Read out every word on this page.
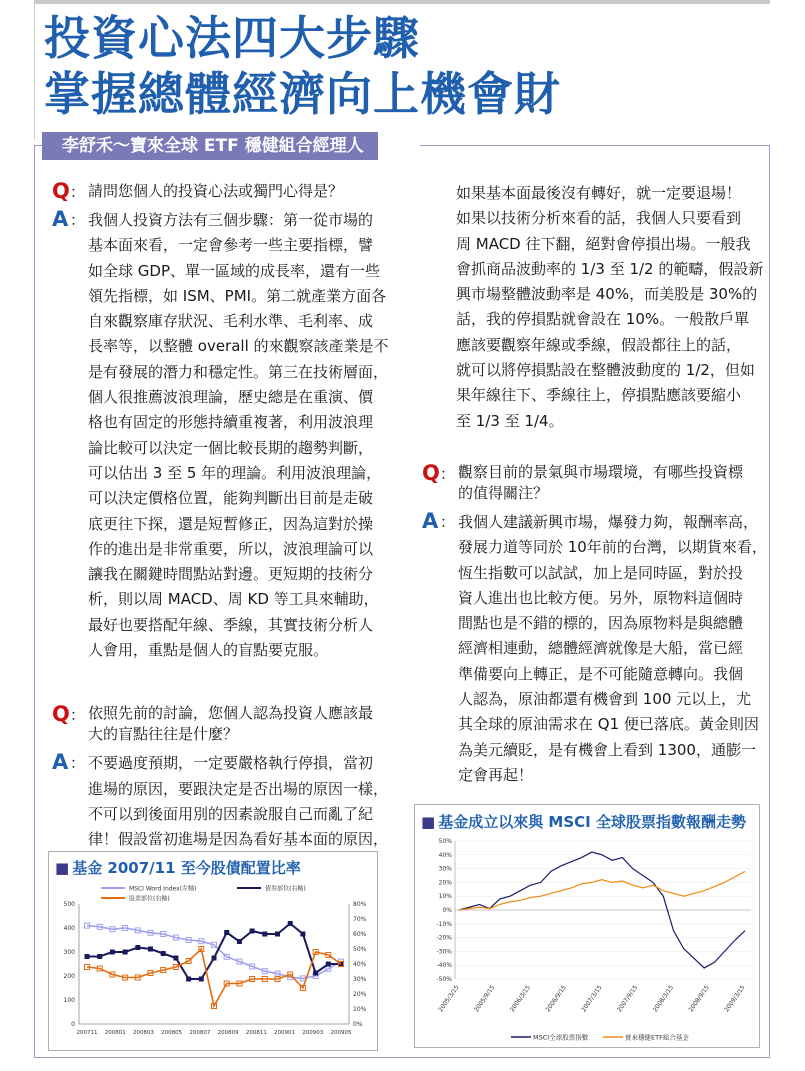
投資心法四大步驟
掌握總體經濟向上機會財
李舒禾～寶來全球 ETF 穩健組合經理人
Q ： 請問您個人的投資心法或獨門心得是？

A ： 我個人投資方法有三個步驟：第一從市場的
基本面來看，一定會參考一些主要指標，譬
如全球 GDP、單一區域的成長率，還有一些
領先指標，如 ISM、PMI。第二就產業方面各
自來觀察庫存狀況、毛利水準、毛利率、成
長率等，以整體 overall 的來觀察該產業是不
是有發展的潛力和穩定性。第三在技術層面，
個人很推薦波浪理論，歷史總是在重演、價
格也有固定的形態持續重複著，利用波浪理
論比較可以決定一個比較長期的趨勢判斷，
可以估出 3 至 5 年的理論。利用波浪理論，
可以決定價格位置，能夠判斷出目前是走破
底更往下探，還是短暫修正，因為這對於操
作的進出是非常重要，所以，波浪理論可以
讓我在關鍵時間點站對邊。更短期的技術分
析，則以周 MACD、周 KD 等工具來輔助，
最好也要搭配年線、季線，其實技術分析人
人會用，重點是個人的盲點要克服。
Q ： 依照先前的討論，您個人認為投資人應該最
大的盲點往往是什麼？
A ： 不要過度預期，一定要嚴格執行停損，當初
進場的原因，要跟決定是否出場的原因一樣，
不可以到後面用別的因素說服自己而亂了紀
律！假設當初進場是因為看好基本面的原因，
如果基本面最後沒有轉好，就一定要退場！
如果以技術分析來看的話，我個人只要看到
周 MACD 往下翻，絕對會停損出場。一般我
會抓商品波動率的 1/3 至 1/2 的範疇，假設新
興市場整體波動率是 40%，而美股是 30%的
話，我的停損點就會設在 10%。一般散戶單
應該要觀察年線或季線，假設都往上的話，
就可以將停損點設在整體波動度的 1/2，但如
果年線往下、季線往上，停損點應該要縮小
至 1/3 至 1/4。
Q ： 觀察目前的景氣與市場環境，有哪些投資標
的值得關注？
A ： 我個人建議新興市場，爆發力夠，報酬率高，
發展力道等同於 10年前的台灣，以期貨來看，
恆生指數可以試試，加上是同時區，對於投
資人進出也比較方便。另外，原物料這個時
間點也是不錯的標的，因為原物料是與總體
經濟相連動，總體經濟就像是大船，當已經
準備要向上轉正，是不可能隨意轉向。我個
人認為，原油都還有機會到 100 元以上，尤
其全球的原油需求在 Q1 便已落底。黃金則因
為美元續貶，是有機會上看到 1300，通膨一
定會再起！
■ 基金 2007/11 至今股債配置比率
MSCI Word Index(左軸)	債券部位(右軸)
股票部位(右軸)
0
100
200
300
400
500
0%
10%
20%
30%
40%
50%
60%
70%
80%
200711 200801 200803 200805 200807 200809 200811 200901 200903 200905
■ 基金成立以來與 MSCI 全球股票指數報酬走勢
-50%
-40%
-30%
-20%
-10%
0%
10%
20%
30%
40%
50%
2005/3/15 2005/9/15 2006/3/15 2006/9/15 2007/3/15 2007/9/15 2008/3/15 2008/9/15 2009/3/15
MSCI全球股票指數	寶來穩健ETF組合基金
